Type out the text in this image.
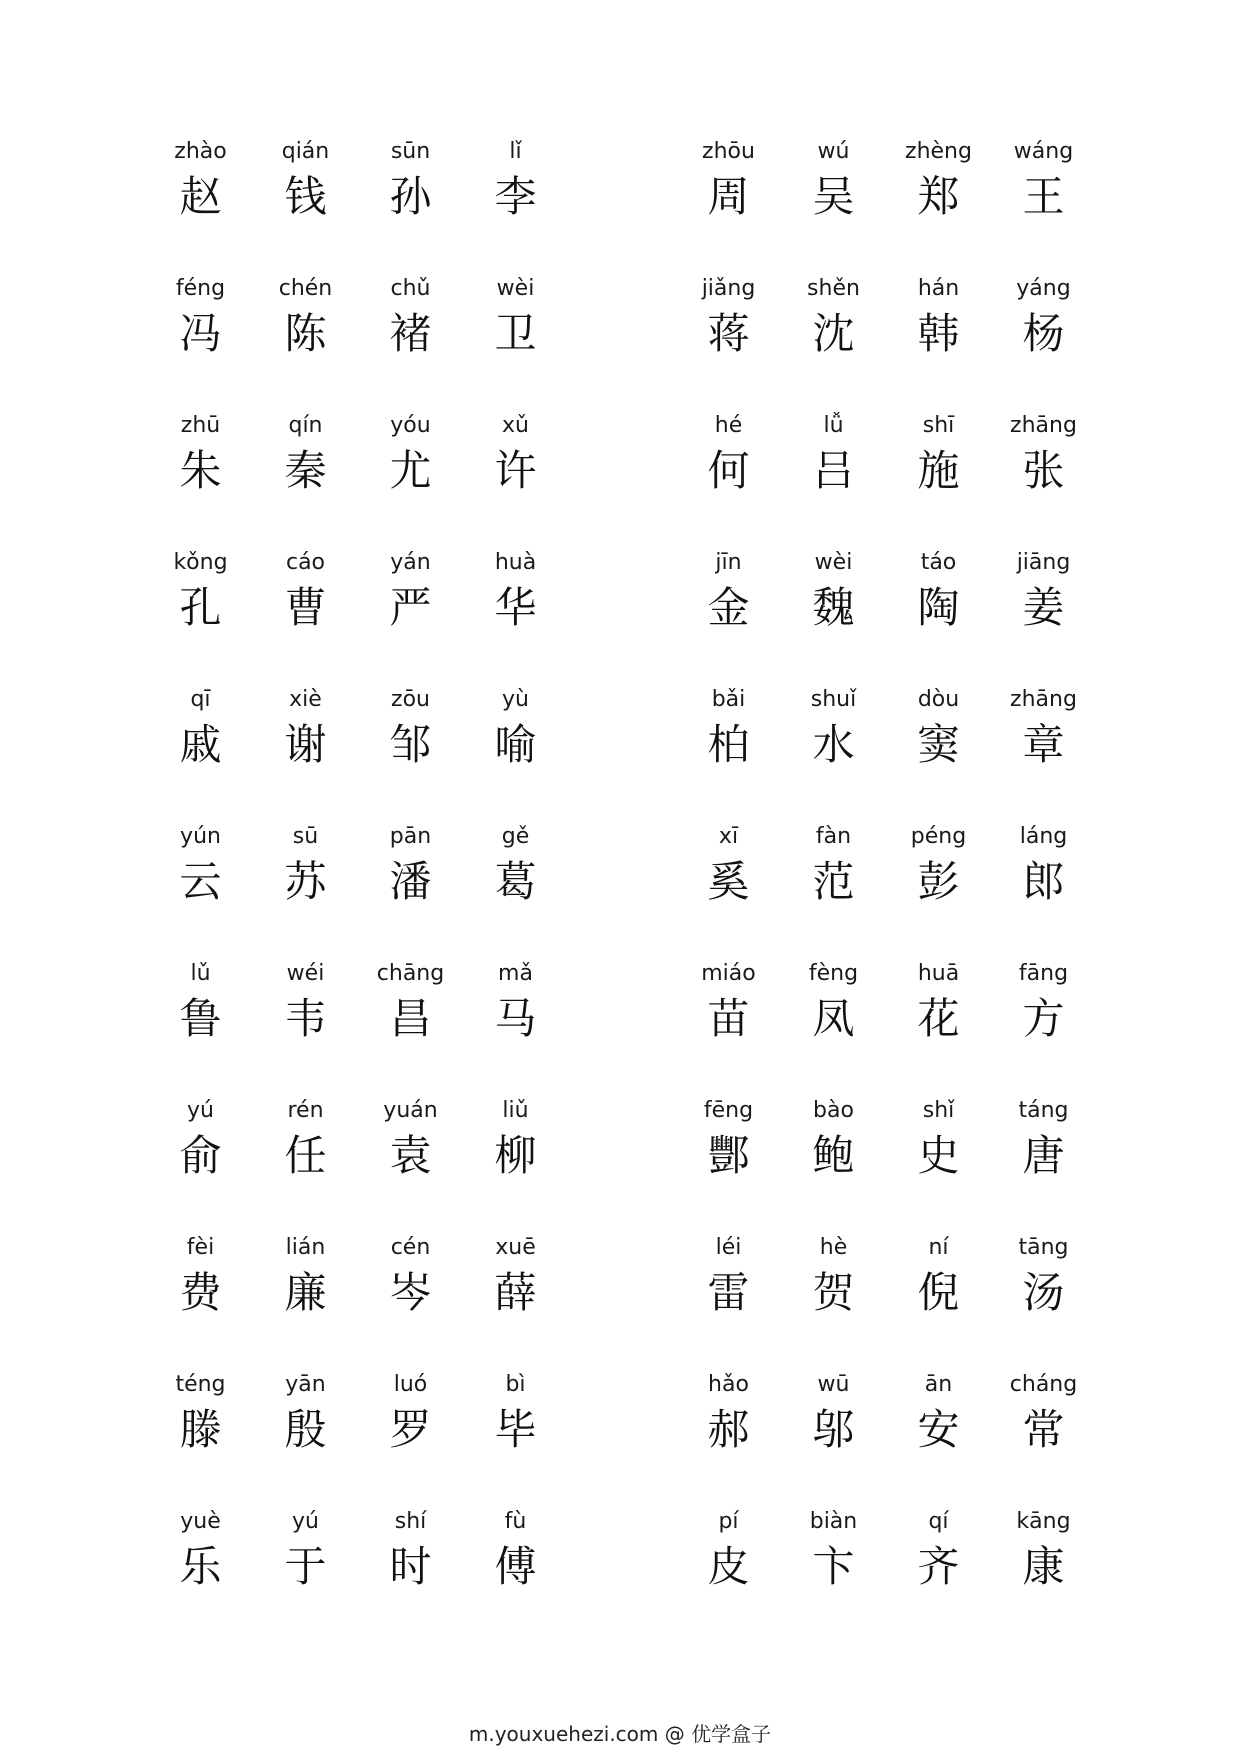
zhào
赵
qián
钱
sūn
孙
lǐ
李
féng
冯
chén
陈
chǔ
褚
wèi
卫
zhū
朱
qín
秦
yóu
尤
xǔ
许
kǒng
孔
cáo
曹
yán
严
huà
华
qī
戚
xiè
谢
zōu
邹
yù
喻
yún
云
sū
苏
pān
潘
gě
葛
lǔ
鲁
wéi
韦
chāng
昌
mǎ
马
yú
俞
rén
任
yuán
袁
liǔ
柳
fèi
费
lián
廉
cén
岑
xuē
薛
téng
滕
yān
殷
luó
罗
bì
毕
yuè
乐
yú
于
shí
时
fù
傅
zhōu
周
wú
吴
zhèng
郑
wáng
王
jiǎng
蒋
shěn
沈
hán
韩
yáng
杨
hé
何
lǚ
吕
shī
施
zhāng
张
jīn
金
wèi
魏
táo
陶
jiāng
姜
bǎi
柏
shuǐ
水
dòu
窦
zhāng
章
xī
奚
fàn
范
péng
彭
láng
郎
miáo
苗
fèng
凤
huā
花
fāng
方
fēng
酆
bào
鲍
shǐ
史
táng
唐
léi
雷
hè
贺
ní
倪
tāng
汤
hǎo
郝
wū
邬
ān
安
cháng
常
pí
皮
biàn
卞
qí
齐
kāng
康
m.youxuehezi.com @ 优学盒子
